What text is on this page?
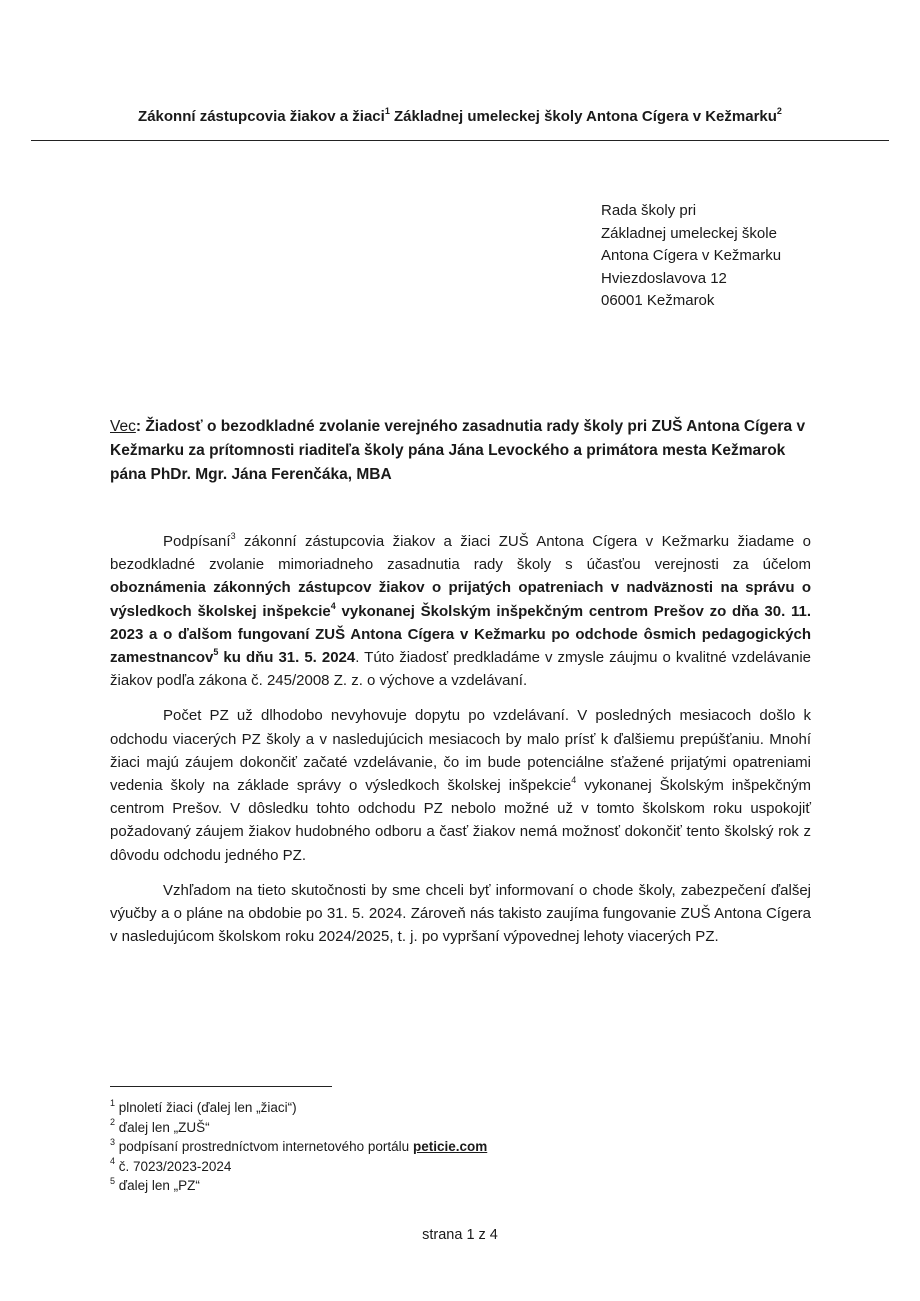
Zákonní zástupcovia žiakov a žiaci$^1$ Základnej umeleckej školy Antona Cígera v Kežmarku$^2$
Rada školy pri
Základnej umeleckej škole
Antona Cígera v Kežmarku
Hviezdoslavova 12
06001 Kežmarok
Vec: Žiadosť o bezodkladné zvolanie verejného zasadnutia rady školy pri ZUŠ Antona Cígera v Kežmarku za prítomnosti riaditeľa školy pána Jána Levockého a primátora mesta Kežmarok pána PhDr. Mgr. Jána Ferenčáka, MBA

Podpísaní$^3$ zákonní zástupcovia žiakov a žiaci ZUŠ Antona Cígera v Kežmarku žiadame o bezodkladné zvolanie mimoriadneho zasadnutia rady školy s účasťou verejnosti za účelom oboznámenia zákonných zástupcov žiakov o prijatých opatreniach v nadväznosti na správu o výsledkoch školskej inšpekcie$^4$ vykonanej Školským inšpekčným centrom Prešov zo dňa 30. 11. 2023 a o ďalšom fungovaní ZUŠ Antona Cígera v Kežmarku po odchode ôsmich pedagogických zamestnancov$^5$ ku dňu 31. 5. 2024. Túto žiadosť predkladáme v zmysle záujmu o kvalitné vzdelávanie žiakov podľa zákona č. 245/2008 Z. z. o výchove a vzdelávaní.

Počet PZ už dlhodobo nevyhovuje dopytu po vzdelávaní. V posledných mesiacoch došlo k odchodu viacerých PZ školy a v nasledujúcich mesiacoch by malo prísť k ďalšiemu prepúšťaniu. Mnohí žiaci majú záujem dokončiť začaté vzdelávanie, čo im bude potenciálne sťažené prijatými opatreniami vedenia školy na základe správy o výsledkoch školskej inšpekcie$^4$ vykonanej Školským inšpekčným centrom Prešov. V dôsledku tohto odchodu PZ nebolo možné už v tomto školskom roku uspokojiť požadovaný záujem žiakov hudobného odboru a časť žiakov nemá možnosť dokončiť tento školský rok z dôvodu odchodu jedného PZ.

Vzhľadom na tieto skutočnosti by sme chceli byť informovaní o chode školy, zabezpečení ďalšej výučby a o pláne na obdobie po 31. 5. 2024. Zároveň nás takisto zaujíma fungovanie ZUŠ Antona Cígera v nasledujúcom školskom roku 2024/2025, t. j. po vypršaní výpovednej lehoty viacerých PZ.

$^1$ plnoletí žiaci (ďalej len „žiaci“)
$^2$ ďalej len „ZUŠ“
$^3$ podpísaní prostredníctvom internetového portálu peticie.com
$^4$ č. 7023/2023-2024
$^5$ ďalej len „PZ“
strana 1 z 4
